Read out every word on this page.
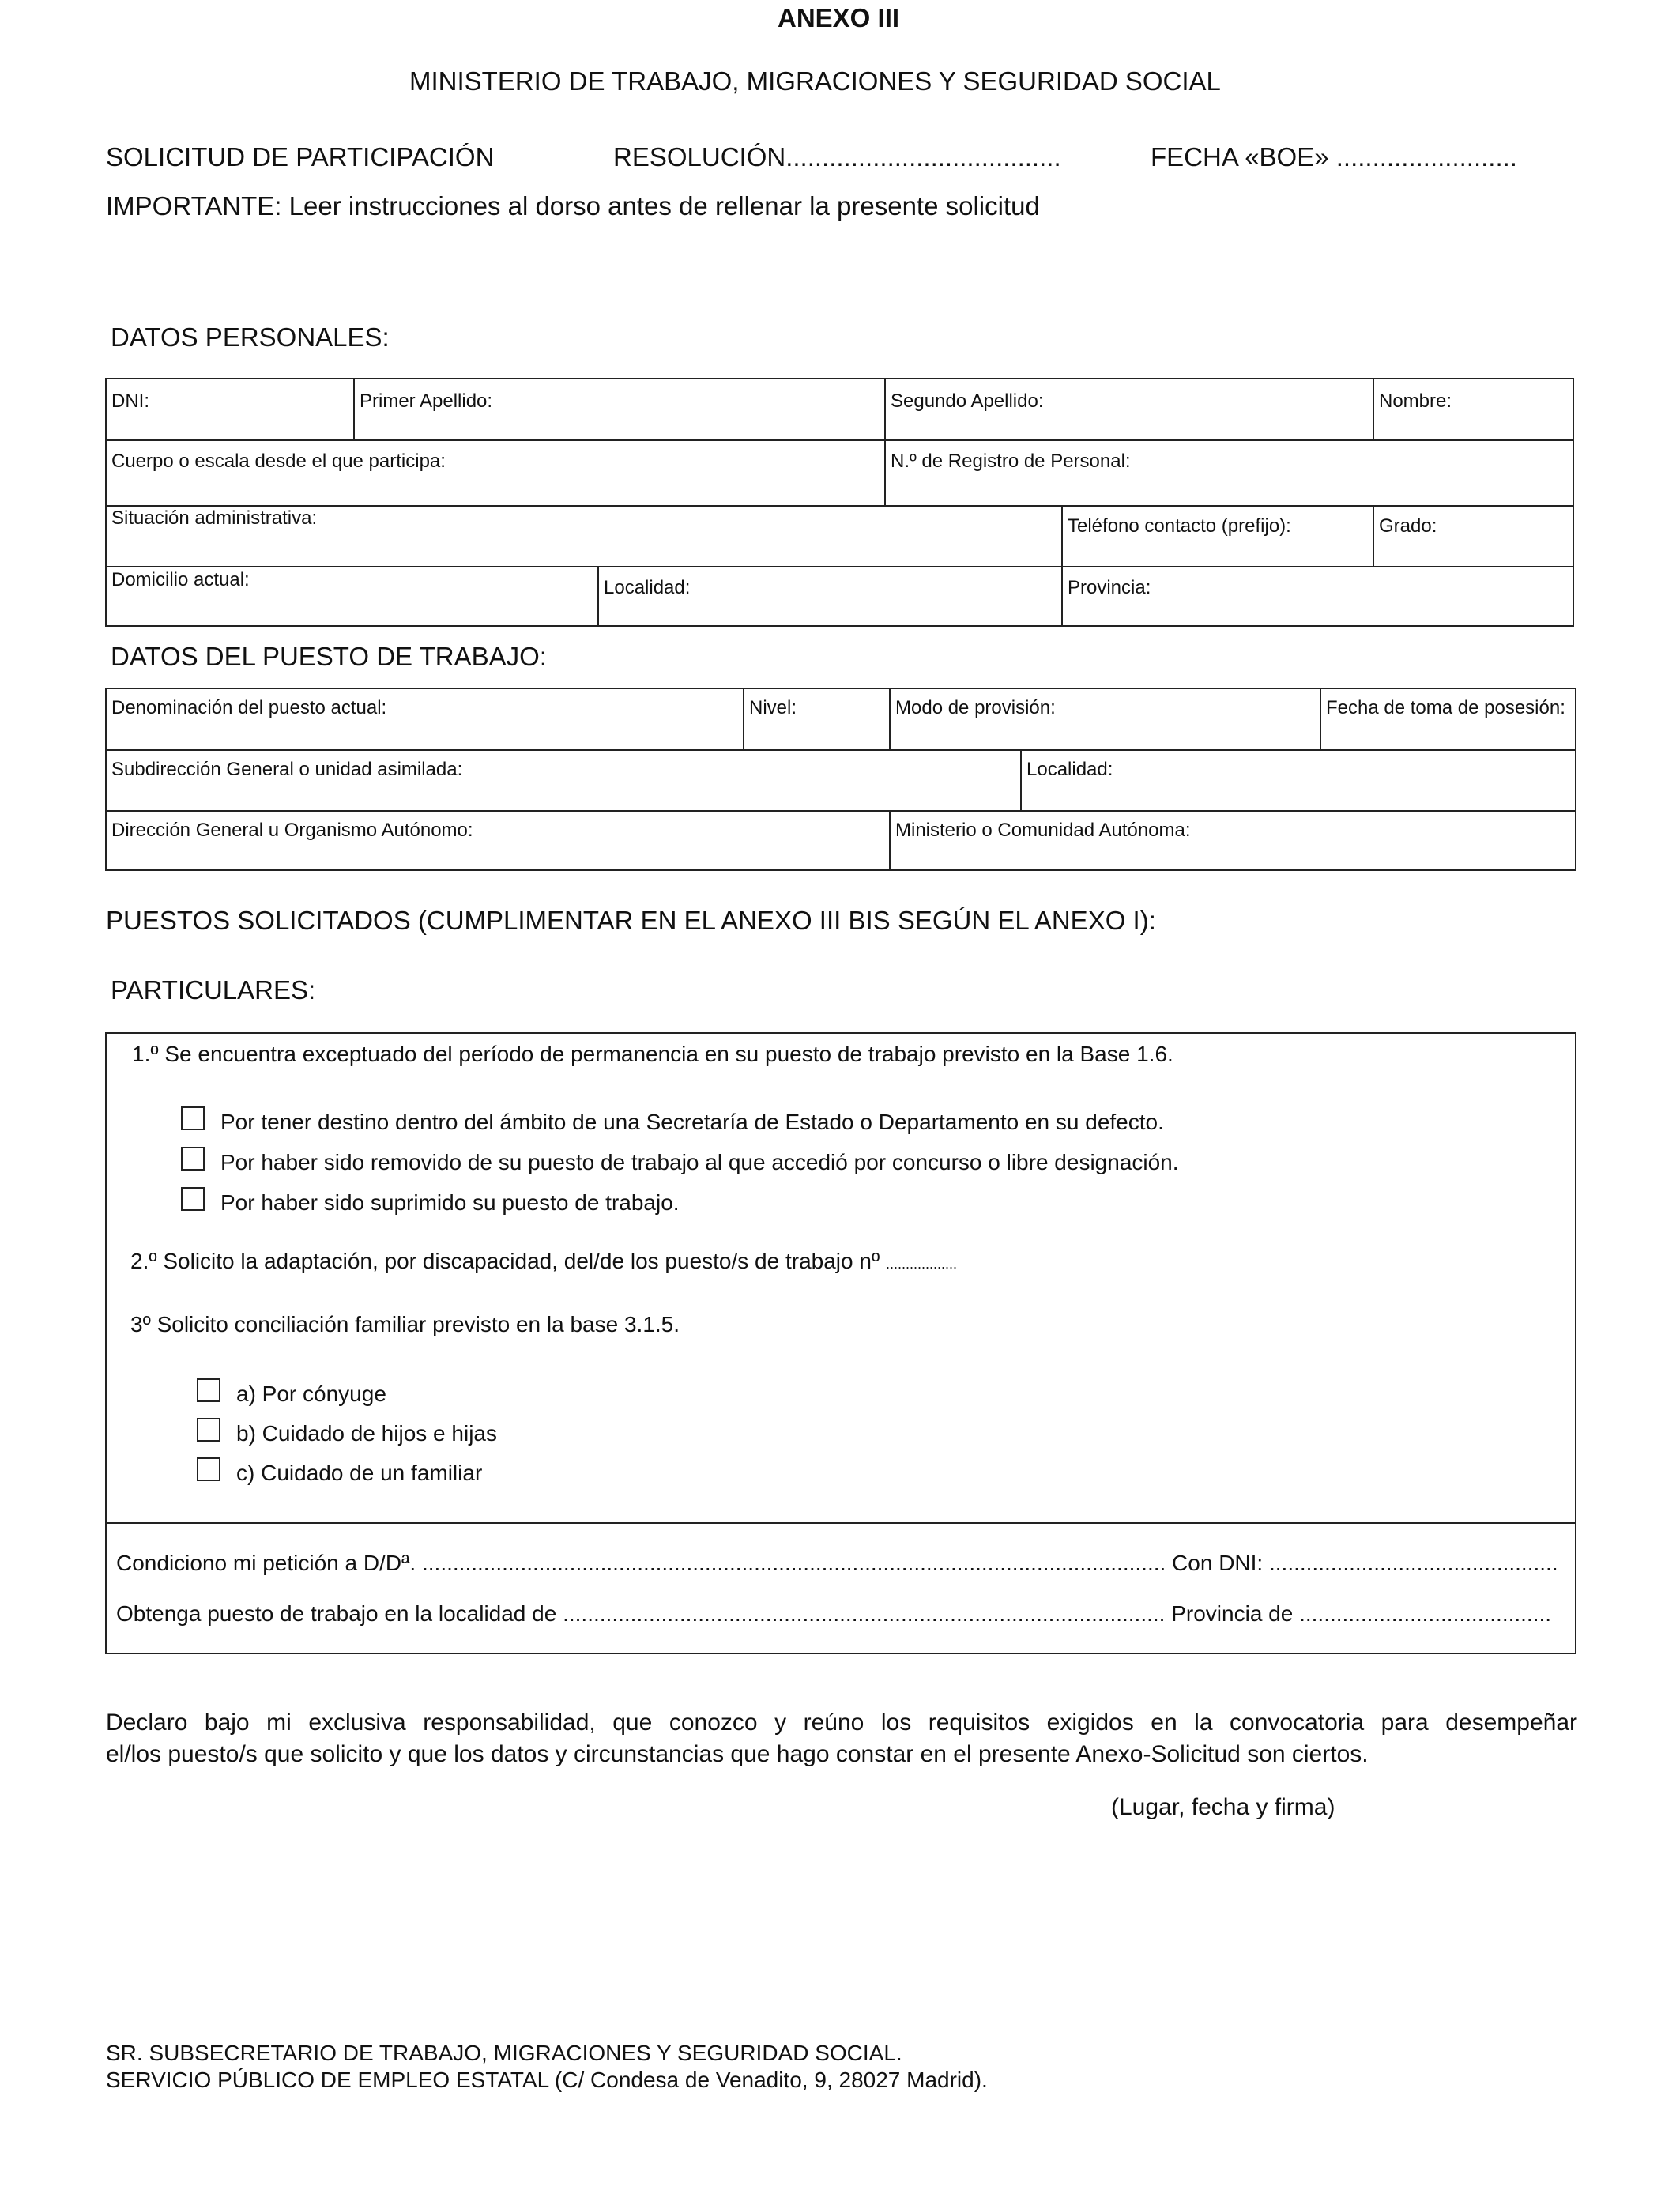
ANEXO III
MINISTERIO DE TRABAJO, MIGRACIONES Y SEGURIDAD SOCIAL
SOLICITUD DE PARTICIPACIÓN	RESOLUCIÓN......................................	FECHA «BOE» .........................
IMPORTANTE: Leer instrucciones al dorso antes de rellenar la presente solicitud
DATOS PERSONALES:
DNI:	Primer Apellido:	Segundo Apellido:	Nombre:
Cuerpo o escala desde el que participa:	N.º de Registro de Personal:
Situación administrativa:	Teléfono contacto (prefijo):	Grado:
Domicilio actual:	Localidad:	Provincia:
DATOS DEL PUESTO DE TRABAJO:
Denominación del puesto actual:	Nivel:	Modo de provisión:	Fecha de toma de posesión:
Subdirección General o unidad asimilada:	Localidad:
Dirección General u Organismo Autónomo:	Ministerio o Comunidad Autónoma:
PUESTOS SOLICITADOS (CUMPLIMENTAR EN EL ANEXO III BIS SEGÚN EL ANEXO I):
PARTICULARES:
1.º Se encuentra exceptuado del período de permanencia en su puesto de trabajo previsto en la Base 1.6.
Por tener destino dentro del ámbito de una Secretaría de Estado o Departamento en su defecto.
Por haber sido removido de su puesto de trabajo al que accedió por concurso o libre designación.
Por haber sido suprimido su puesto de trabajo.
2.º Solicito la adaptación, por discapacidad, del/de los puesto/s de trabajo nº ..................
3º Solicito conciliación familiar previsto en la base 3.1.5.
a) Por cónyuge
b) Cuidado de hijos e hijas
c) Cuidado de un familiar
Condiciono mi petición a D/Dª. ......................................................................................................................... Con DNI: ...............................................
Obtenga puesto de trabajo en la localidad de .................................................................................................. Provincia de .........................................
Declaro bajo mi exclusiva responsabilidad, que conozco y reúno los requisitos exigidos en la convocatoria para desempeñar
el/los puesto/s que solicito y que los datos y circunstancias que hago constar en el presente Anexo-Solicitud son ciertos.
(Lugar, fecha y firma)
SR. SUBSECRETARIO DE TRABAJO, MIGRACIONES Y SEGURIDAD SOCIAL.
SERVICIO PÚBLICO DE EMPLEO ESTATAL (C/ Condesa de Venadito, 9, 28027 Madrid).
